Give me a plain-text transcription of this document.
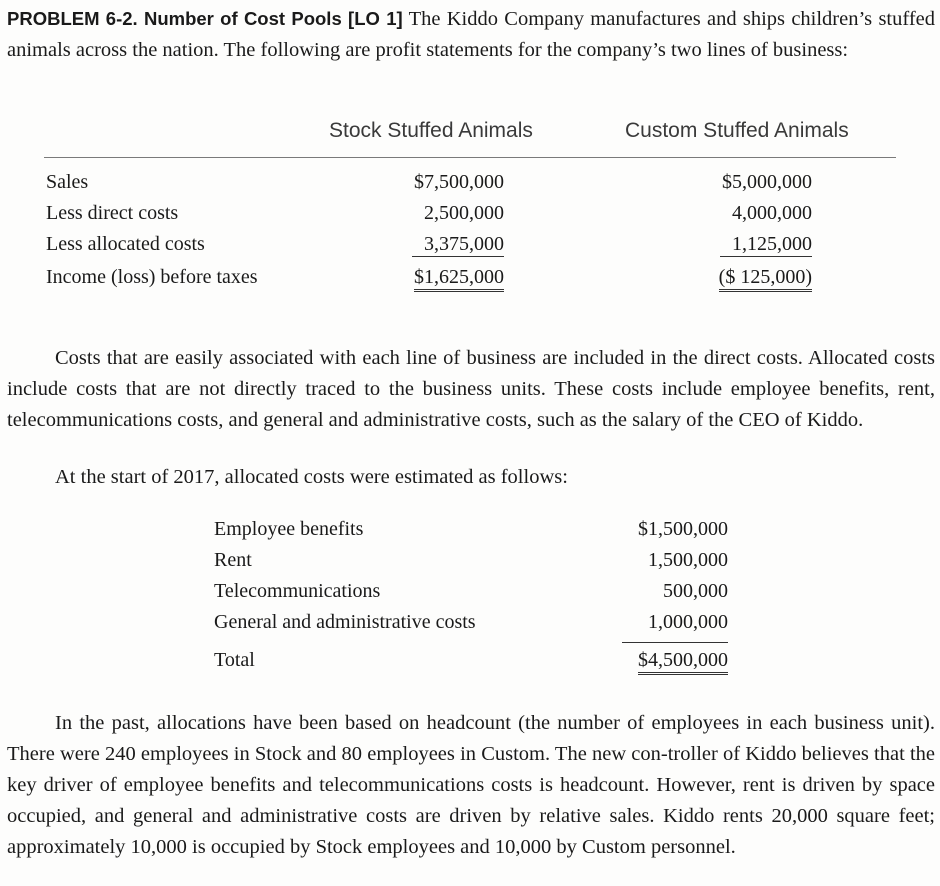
PROBLEM 6-2. Number of Cost Pools [LO 1] The Kiddo Company manufactures and ships children’s stuffed animals across the nation. The following are profit statements for the company’s two lines of business:

Stock Stuffed Animals	Custom Stuffed Animals
Sales
Less direct costs
Less allocated costs
Income (loss) before taxes
$7,500,000
2,500,000
3,375,000
$1,625,000
$5,000,000
4,000,000
1,125,000
($ 125,000)

Costs that are easily associated with each line of business are included in the direct costs. Allocated costs include costs that are not directly traced to the business units. These costs include employee benefits, rent, telecommunications costs, and general and administrative costs, such as the salary of the CEO of Kiddo.

At the start of 2017, allocated costs were estimated as follows:

Employee benefits
Rent
Telecommunications
General and administrative costs
Total
$1,500,000
1,500,000
500,000
1,000,000
$4,500,000

In the past, allocations have been based on headcount (the number of employees in each business unit). There were 240 employees in Stock and 80 employees in Custom. The new con-troller of Kiddo believes that the key driver of employee benefits and telecommunications costs is headcount. However, rent is driven by space occupied, and general and administrative costs are driven by relative sales. Kiddo rents 20,000 square feet; approximately 10,000 is occupied by Stock employees and 10,000 by Custom personnel.
